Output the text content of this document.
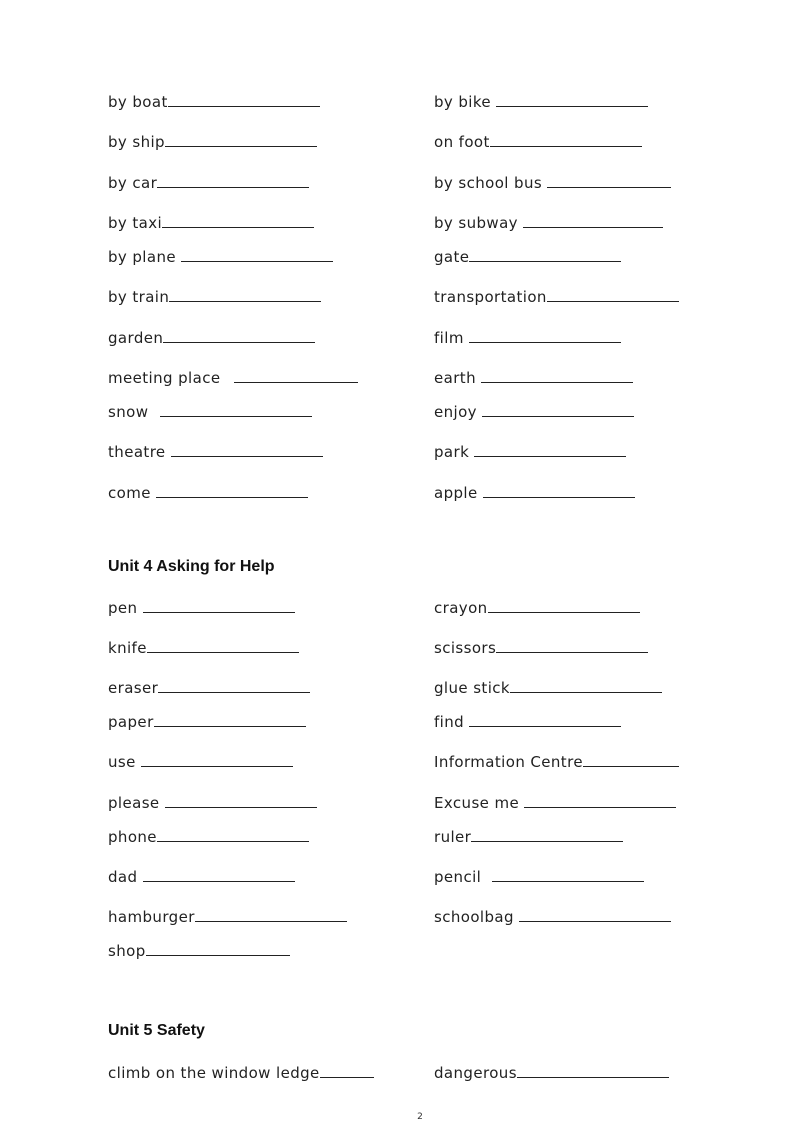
by boat	by bike
by ship	on foot
by car	by school bus
by taxi	by subway
by plane	gate
by train	transportation
garden	film
meeting place	earth
snow	enjoy
theatre	park
come	apple
Unit 4 Asking for Help
pen	crayon
knife	scissors
eraser	glue stick
paper	find
use	Information Centre
please	Excuse me
phone	ruler
dad	pencil
hamburger	schoolbag
shop
Unit 5 Safety
climb on the window ledge	dangerous
2
